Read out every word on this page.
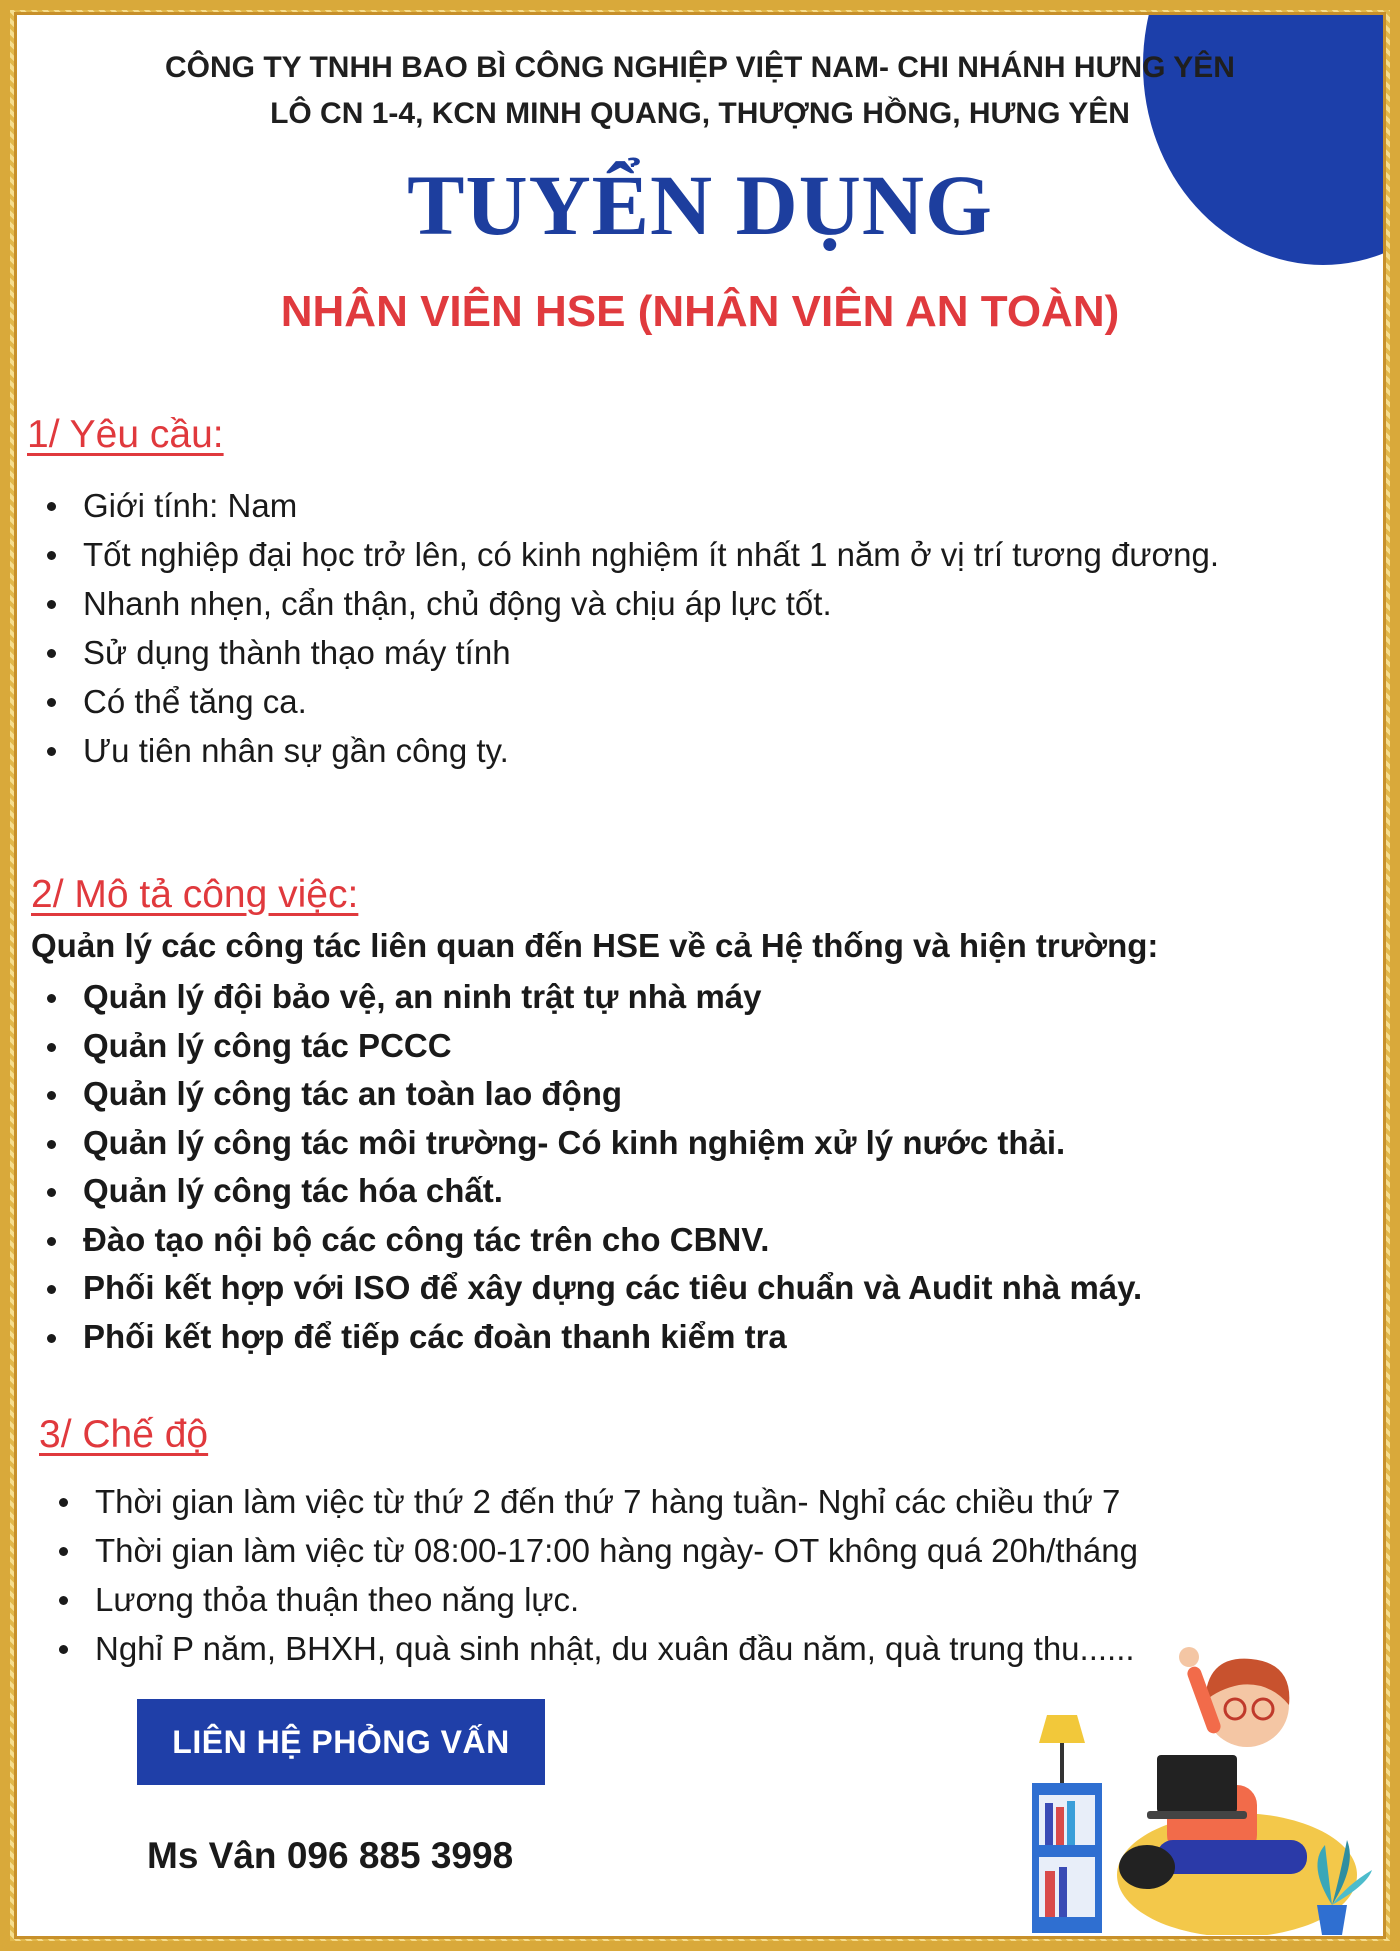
CÔNG TY TNHH BAO BÌ CÔNG NGHIỆP VIỆT NAM- CHI NHÁNH HƯNG YÊN
LÔ CN 1-4, KCN MINH QUANG, THƯỢNG HỒNG, HƯNG YÊN
TUYỂN DỤNG
NHÂN VIÊN HSE (NHÂN VIÊN AN TOÀN)
1/ Yêu cầu:
Giới tính: Nam
Tốt nghiệp đại học trở lên, có kinh nghiệm ít nhất 1 năm ở vị trí tương đương.
Nhanh nhẹn, cẩn thận, chủ động và chịu áp lực tốt.
Sử dụng thành thạo máy tính
Có thể tăng ca.
Ưu tiên nhân sự gần công ty.
2/ Mô tả công việc:
Quản lý các công tác liên quan đến HSE về cả Hệ thống và hiện trường:
Quản lý đội bảo vệ, an ninh trật tự nhà máy
Quản lý công tác PCCC
Quản lý công tác an toàn lao động
Quản lý công tác môi trường- Có kinh nghiệm xử lý nước thải.
Quản lý công tác hóa chất.
Đào tạo nội bộ các công tác trên cho CBNV.
Phối kết hợp với ISO để xây dựng các tiêu chuẩn và Audit nhà máy.
Phối kết hợp để tiếp các đoàn thanh kiểm tra
3/ Chế độ
Thời gian làm việc từ thứ 2 đến thứ 7 hàng tuần- Nghỉ các chiều thứ 7
Thời gian làm việc từ 08:00-17:00 hàng ngày- OT không quá 20h/tháng
Lương thỏa thuận theo năng lực.
Nghỉ P năm, BHXH, quà sinh nhật, du xuân đầu năm, quà trung thu......
LIÊN HỆ PHỎNG VẤN
Ms Vân 096 885 3998
